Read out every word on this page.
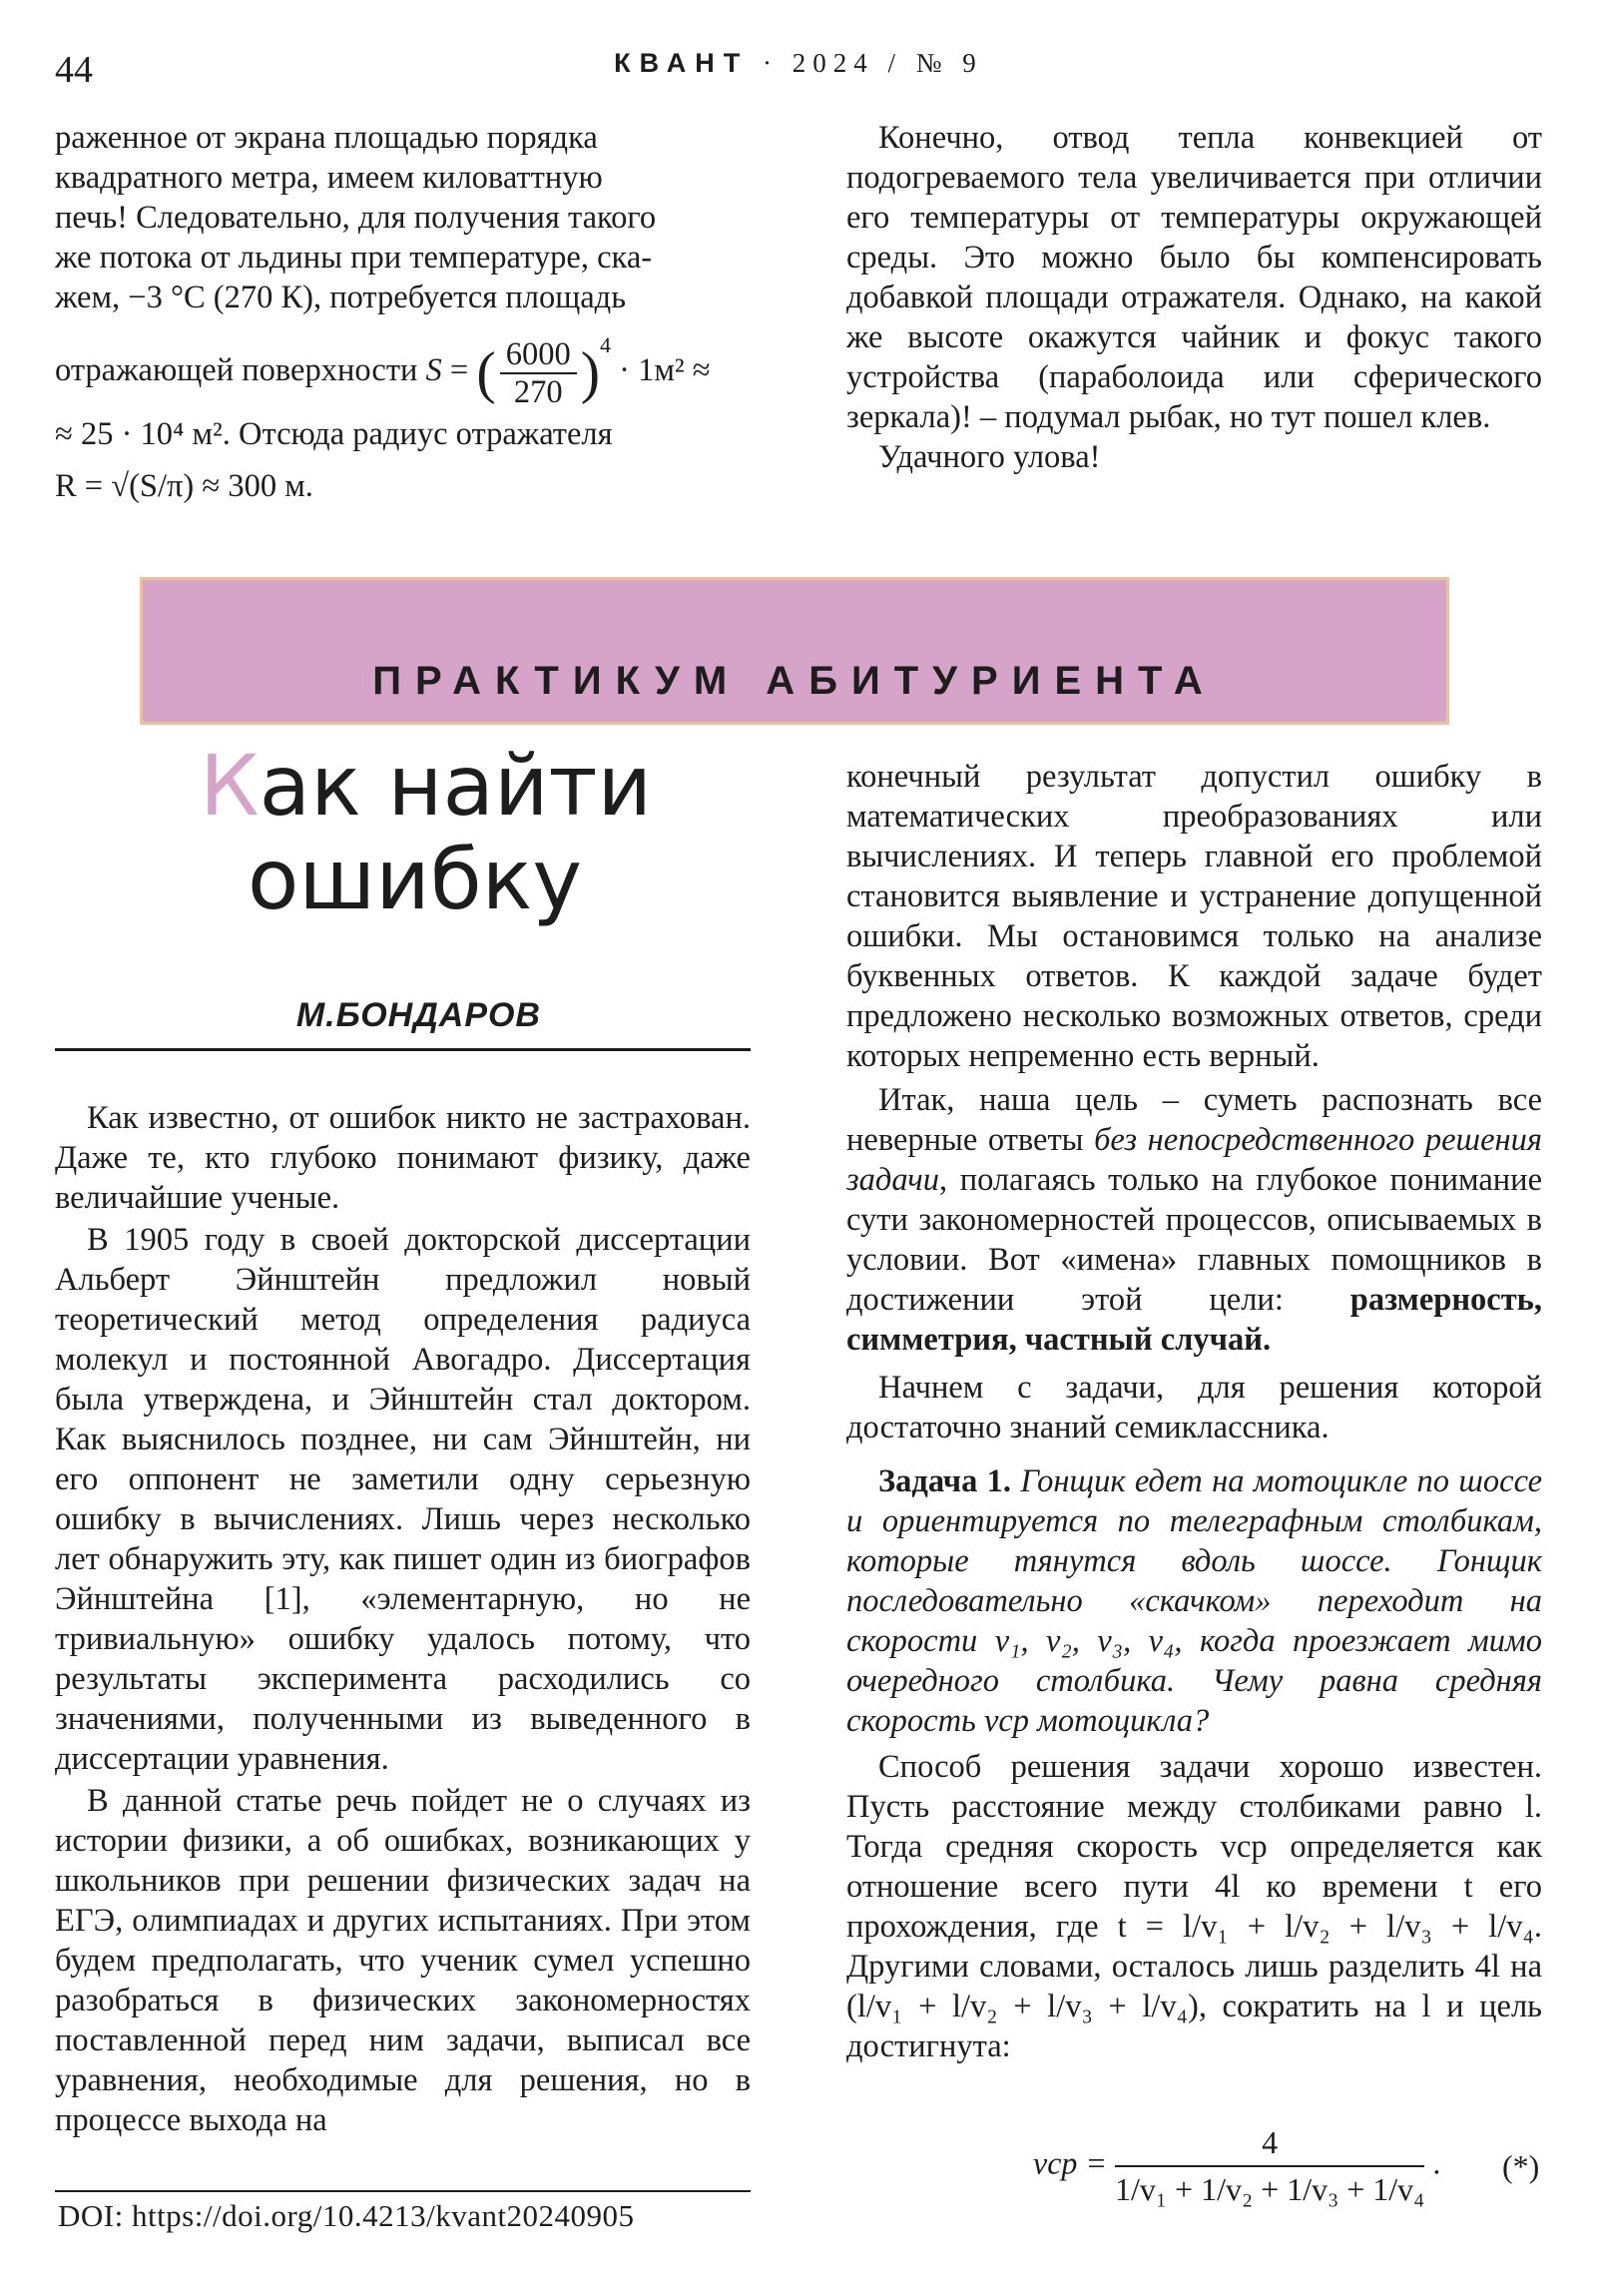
44	КВАНТ · 2024 / № 9

раженное от экрана площадью порядка

квадратного метра, имеем киловаттную

печь! Следовательно, для получения такого

же потока от льдины при температуре, ска-

жем, −3 °С (270 К), потребуется площадь

отражающей поверхности S = ( $\frac{6000}{270} )^4 \cdot 1м^2$ ≈

≈ 25 · 10⁴ м². Отсюда радиус отражателя

R = √(S/π) ≈ 300 м.

Конечно, отвод тепла конвекцией от подогреваемого тела увеличивается при отличии его температуры от температуры окружающей среды. Это можно было бы компенсировать добавкой площади отражателя. Однако, на какой же высоте окажутся чайник и фокус такого устройства (параболоида или сферического зеркала)! – подумал рыбак, но тут пошел клев.

Удачного улова!

ПРАКТИКУМ АБИТУРИЕНТА
Как найти
ошибку
М.БОНДАРОВ

Как известно, от ошибок никто не застрахован. Даже те, кто глубоко понимают физику, даже величайшие ученые.

В 1905 году в своей докторской диссертации Альберт Эйнштейн предложил новый теоретический метод определения радиуса молекул и постоянной Авогадро. Диссертация была утверждена, и Эйнштейн стал доктором. Как выяснилось позднее, ни сам Эйнштейн, ни его оппонент не заметили одну серьезную ошибку в вычислениях. Лишь через несколько лет обнаружить эту, как пишет один из биографов Эйнштейна [1], «элементарную, но не тривиальную» ошибку удалось потому, что результаты эксперимента расходились со значениями, полученными из выведенного в диссертации уравнения.

В данной статье речь пойдет не о случаях из истории физики, а об ошибках, возникающих у школьников при решении физических задач на ЕГЭ, олимпиадах и других испытаниях. При этом будем предполагать, что ученик сумел успешно разобраться в физических закономерностях поставленной перед ним задачи, выписал все уравнения, необходимые для решения, но в процессе выхода на

конечный результат допустил ошибку в математических преобразованиях или вычислениях. И теперь главной его проблемой становится выявление и устранение допущенной ошибки. Мы остановимся только на анализе буквенных ответов. К каждой задаче будет предложено несколько возможных ответов, среди которых непременно есть верный.

Итак, наша цель – суметь распознать все неверные ответы без непосредственного решения задачи, полагаясь только на глубокое понимание сути закономерностей процессов, описываемых в условии. Вот «имена» главных помощников в достижении этой цели: размерность, симметрия, частный случай.

Начнем с задачи, для решения которой достаточно знаний семиклассника.

Задача 1. Гонщик едет на мотоцикле по шоссе и ориентируется по телеграфным столбикам, которые тянутся вдоль шоссе. Гонщик последовательно «скачком» переходит на скорости v₁, v₂, v₃, v₄, когда проезжает мимо очередного столбика. Чему равна средняя скорость vср мотоцикла?

Способ решения задачи хорошо известен. Пусть расстояние между столбиками равно l. Тогда средняя скорость vср определяется как отношение всего пути 4l ко времени t его прохождения, где t = l/v₁ + l/v₂ + l/v₃ + l/v₄. Другими словами, осталось лишь разделить 4l на (l/v₁ + l/v₂ + l/v₃ + l/v₄), сократить на l и цель достигнута:

vср = $\frac{4}{\text{1/v₁ + 1/v₂ + 1/v₃ + 1/v₄}}$ . (*)
DOI: https://doi.org/10.4213/kvant20240905
